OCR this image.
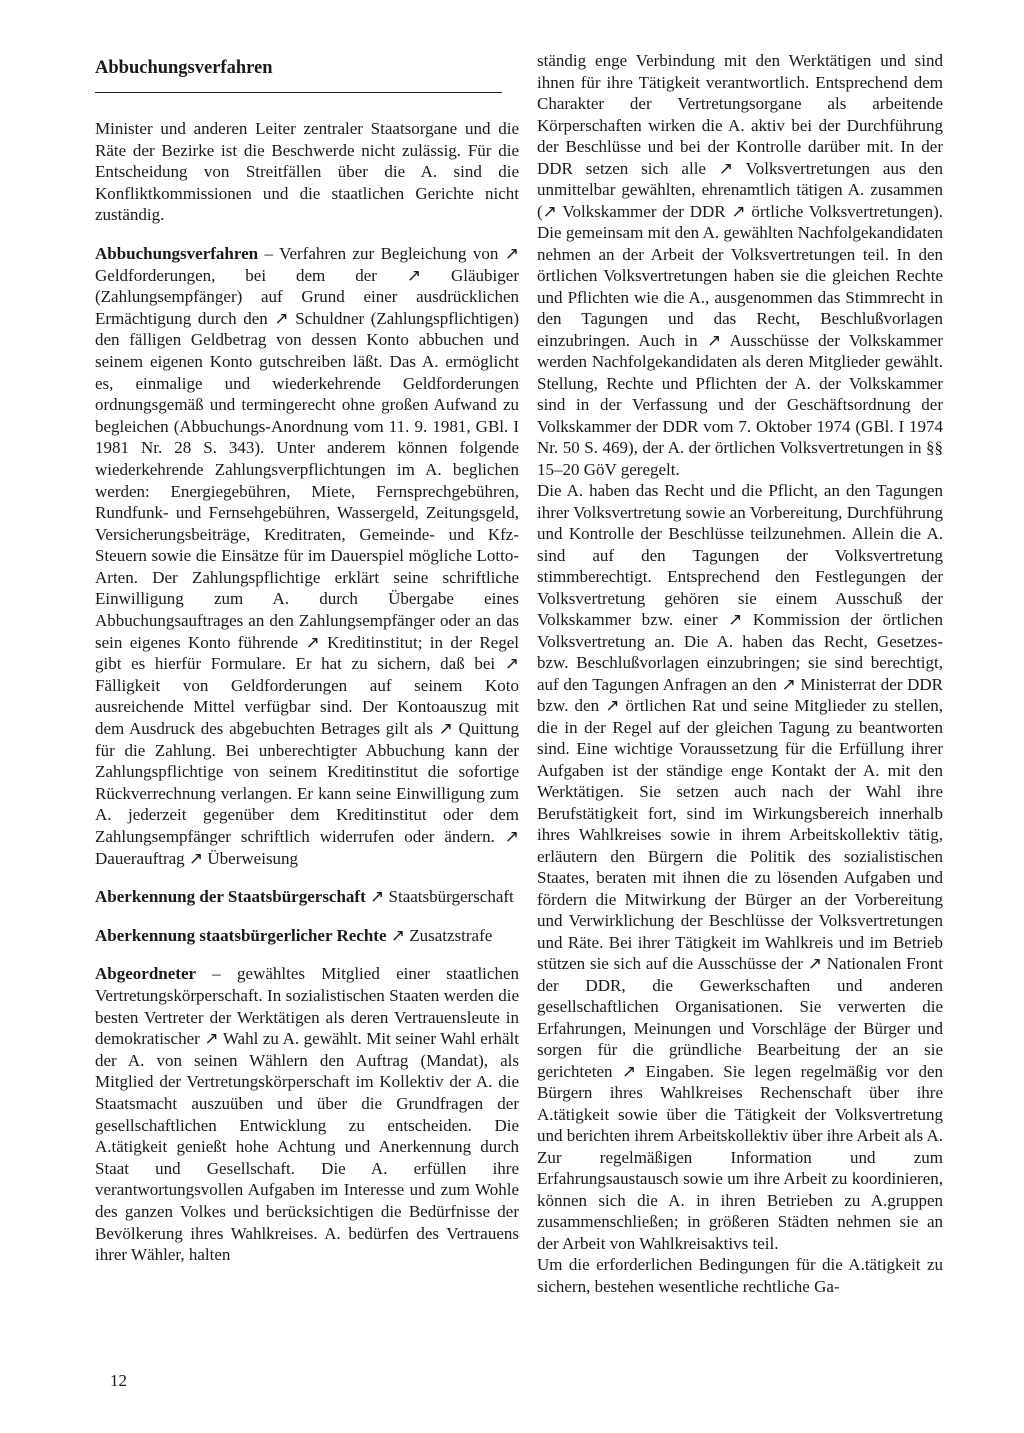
Abbuchungsverfahren

Minister und anderen Leiter zentraler Staatsorgane und die Räte der Bezirke ist die Beschwerde nicht zulässig. Für die Entscheidung von Streitfällen über die A. sind die Konfliktkommissionen und die staatlichen Gerichte nicht zuständig.

Abbuchungsverfahren – Verfahren zur Begleichung von ↗ Geldforderungen, bei dem der ↗ Gläubiger (Zahlungsempfänger) auf Grund einer ausdrücklichen Ermächtigung durch den ↗ Schuldner (Zahlungspflichtigen) den fälligen Geldbetrag von dessen Konto abbuchen und seinem eigenen Konto gutschreiben läßt. Das A. ermöglicht es, einmalige und wiederkehrende Geldforderungen ordnungsgemäß und termingerecht ohne großen Aufwand zu begleichen (Abbuchungs-Anordnung vom 11. 9. 1981, GBl. I 1981 Nr. 28 S. 343). Unter anderem können folgende wiederkehrende Zahlungsverpflichtungen im A. beglichen werden: Energiegebühren, Miete, Fernsprechgebühren, Rundfunk- und Fernsehgebühren, Wassergeld, Zeitungsgeld, Versicherungsbeiträge, Kreditraten, Gemeinde- und Kfz-Steuern sowie die Einsätze für im Dauerspiel mögliche Lotto-Arten. Der Zahlungspflichtige erklärt seine schriftliche Einwilligung zum A. durch Übergabe eines Abbuchungsauftrages an den Zahlungsempfänger oder an das sein eigenes Konto führende ↗ Kreditinstitut; in der Regel gibt es hierfür Formulare. Er hat zu sichern, daß bei ↗ Fälligkeit von Geldforderungen auf seinem Koto ausreichende Mittel verfügbar sind. Der Kontoauszug mit dem Ausdruck des abgebuchten Betrages gilt als ↗ Quittung für die Zahlung. Bei unberechtigter Abbuchung kann der Zahlungspflichtige von seinem Kreditinstitut die sofortige Rückverrechnung verlangen. Er kann seine Einwilligung zum A. jederzeit gegenüber dem Kreditinstitut oder dem Zahlungsempfänger schriftlich widerrufen oder ändern. ↗ Dauerauftrag ↗ Überweisung

Aberkennung der Staatsbürgerschaft ↗ Staatsbürgerschaft

Aberkennung staatsbürgerlicher Rechte ↗ Zusatzstrafe

Abgeordneter – gewähltes Mitglied einer staatlichen Vertretungskörperschaft. In sozialistischen Staaten werden die besten Vertreter der Werktätigen als deren Vertrauensleute in demokratischer ↗ Wahl zu A. gewählt. Mit seiner Wahl erhält der A. von seinen Wählern den Auftrag (Mandat), als Mitglied der Vertretungskörperschaft im Kollektiv der A. die Staatsmacht auszuüben und über die Grundfragen der gesellschaftlichen Entwicklung zu entscheiden. Die A.tätigkeit genießt hohe Achtung und Anerkennung durch Staat und Gesellschaft. Die A. erfüllen ihre verantwortungsvollen Aufgaben im Interesse und zum Wohle des ganzen Volkes und berücksichtigen die Bedürfnisse der Bevölkerung ihres Wahlkreises. A. bedürfen des Vertrauens ihrer Wähler, halten

ständig enge Verbindung mit den Werktätigen und sind ihnen für ihre Tätigkeit verantwortlich. Entsprechend dem Charakter der Vertretungsorgane als arbeitende Körperschaften wirken die A. aktiv bei der Durchführung der Beschlüsse und bei der Kontrolle darüber mit. In der DDR setzen sich alle ↗ Volksvertretungen aus den unmittelbar gewählten, ehrenamtlich tätigen A. zusammen (↗ Volkskammer der DDR ↗ örtliche Volksvertretungen). Die gemeinsam mit den A. gewählten Nachfolgekandidaten nehmen an der Arbeit der Volksvertretungen teil. In den örtlichen Volksvertretungen haben sie die gleichen Rechte und Pflichten wie die A., ausgenommen das Stimmrecht in den Tagungen und das Recht, Beschlußvorlagen einzubringen. Auch in ↗ Ausschüsse der Volkskammer werden Nachfolgekandidaten als deren Mitglieder gewählt. Stellung, Rechte und Pflichten der A. der Volkskammer sind in der Verfassung und der Geschäftsordnung der Volkskammer der DDR vom 7. Oktober 1974 (GBl. I 1974 Nr. 50 S. 469), der A. der örtlichen Volksvertretungen in §§ 15–20 GöV geregelt.

Die A. haben das Recht und die Pflicht, an den Tagungen ihrer Volksvertretung sowie an Vorbereitung, Durchführung und Kontrolle der Beschlüsse teilzunehmen. Allein die A. sind auf den Tagungen der Volksvertretung stimmberechtigt. Entsprechend den Festlegungen der Volksvertretung gehören sie einem Ausschuß der Volkskammer bzw. einer ↗ Kommission der örtlichen Volksvertretung an. Die A. haben das Recht, Gesetzes- bzw. Beschlußvorlagen einzubringen; sie sind berechtigt, auf den Tagungen Anfragen an den ↗ Ministerrat der DDR bzw. den ↗ örtlichen Rat und seine Mitglieder zu stellen, die in der Regel auf der gleichen Tagung zu beantworten sind. Eine wichtige Voraussetzung für die Erfüllung ihrer Aufgaben ist der ständige enge Kontakt der A. mit den Werktätigen. Sie setzen auch nach der Wahl ihre Berufstätigkeit fort, sind im Wirkungsbereich innerhalb ihres Wahlkreises sowie in ihrem Arbeitskollektiv tätig, erläutern den Bürgern die Politik des sozialistischen Staates, beraten mit ihnen die zu lösenden Aufgaben und fördern die Mitwirkung der Bürger an der Vorbereitung und Verwirklichung der Beschlüsse der Volksvertretungen und Räte. Bei ihrer Tätigkeit im Wahlkreis und im Betrieb stützen sie sich auf die Ausschüsse der ↗ Nationalen Front der DDR, die Gewerkschaften und anderen gesellschaftlichen Organisationen. Sie verwerten die Erfahrungen, Meinungen und Vorschläge der Bürger und sorgen für die gründliche Bearbeitung der an sie gerichteten ↗ Eingaben. Sie legen regelmäßig vor den Bürgern ihres Wahlkreises Rechenschaft über ihre A.tätigkeit sowie über die Tätigkeit der Volksvertretung und berichten ihrem Arbeitskollektiv über ihre Arbeit als A. Zur regelmäßigen Information und zum Erfahrungsaustausch sowie um ihre Arbeit zu koordinieren, können sich die A. in ihren Betrieben zu A.gruppen zusammenschließen; in größeren Städten nehmen sie an der Arbeit von Wahlkreisaktivs teil.

Um die erforderlichen Bedingungen für die A.tätigkeit zu sichern, bestehen wesentliche rechtliche Ga-

12
